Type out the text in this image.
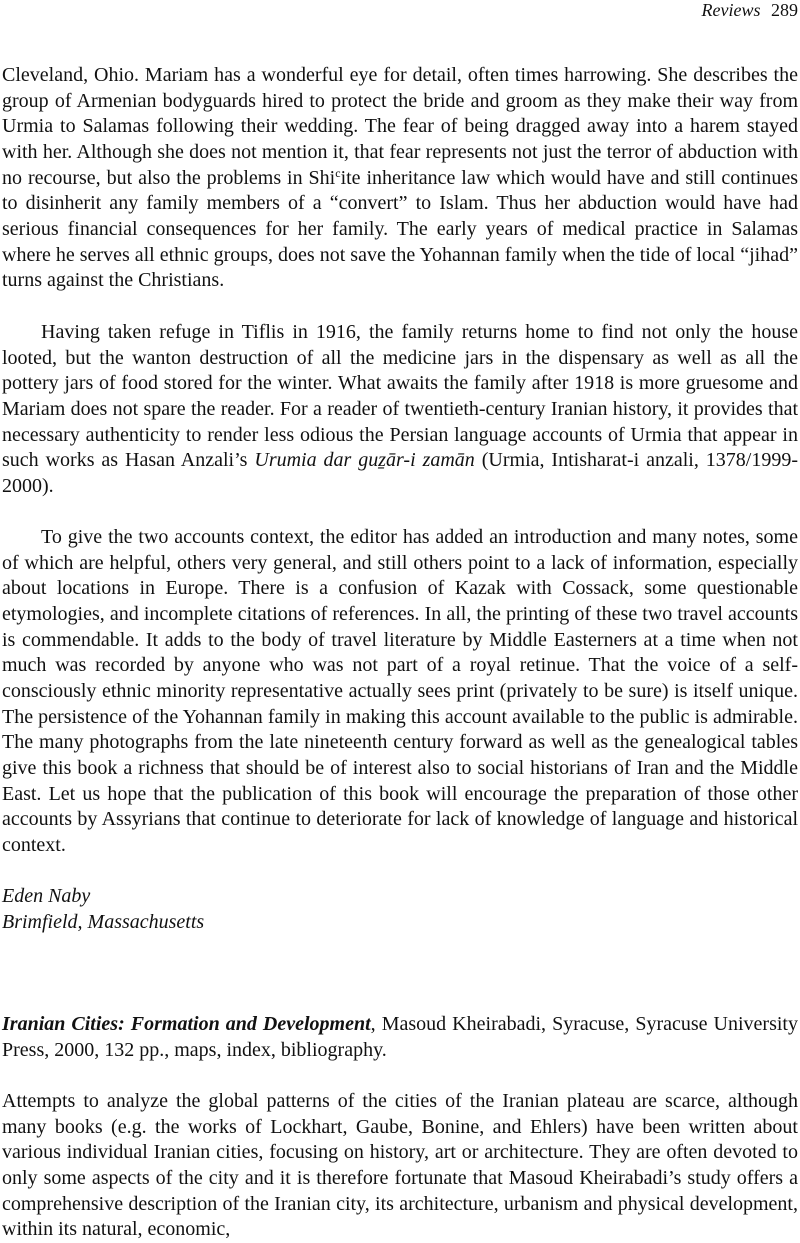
Reviews 289

Cleveland, Ohio. Mariam has a wonderful eye for detail, often times harrowing. She describes the group of Armenian bodyguards hired to protect the bride and groom as they make their way from Urmia to Salamas following their wedding. The fear of being dragged away into a harem stayed with her. Although she does not mention it, that fear represents not just the terror of abduction with no recourse, but also the problems in Shi$^c$ite inheritance law which would have and still continues to disinherit any family members of a “convert” to Islam. Thus her abduction would have had serious financial consequences for her family. The early years of medical practice in Salamas where he serves all ethnic groups, does not save the Yohannan family when the tide of local “jihad” turns against the Christians.

Having taken refuge in Tiflis in 1916, the family returns home to find not only the house looted, but the wanton destruction of all the medicine jars in the dispensary as well as all the pottery jars of food stored for the winter. What awaits the family after 1918 is more gruesome and Mariam does not spare the reader. For a reader of twentieth-century Iranian history, it provides that necessary authenticity to render less odious the Persian language accounts of Urmia that appear in such works as Hasan Anzali’s Urumia dar guẕār-i zamān (Urmia, Intisharat-i anzali, 1378/1999-2000).

To give the two accounts context, the editor has added an introduction and many notes, some of which are helpful, others very general, and still others point to a lack of information, especially about locations in Europe. There is a confusion of Kazak with Cossack, some questionable etymologies, and incomplete citations of references. In all, the printing of these two travel accounts is commendable. It adds to the body of travel literature by Middle Easterners at a time when not much was recorded by anyone who was not part of a royal retinue. That the voice of a self-consciously ethnic minority representative actually sees print (privately to be sure) is itself unique. The persistence of the Yohannan family in making this account available to the public is admirable. The many photographs from the late nineteenth century forward as well as the genealogical tables give this book a richness that should be of interest also to social historians of Iran and the Middle East. Let us hope that the publication of this book will encourage the preparation of those other accounts by Assyrians that continue to deteriorate for lack of knowledge of language and historical context.

Eden Naby

Brimfield, Massachusetts

Iranian Cities: Formation and Development, Masoud Kheirabadi, Syracuse, Syracuse University Press, 2000, 132 pp., maps, index, bibliography.

Attempts to analyze the global patterns of the cities of the Iranian plateau are scarce, although many books (e.g. the works of Lockhart, Gaube, Bonine, and Ehlers) have been written about various individual Iranian cities, focusing on history, art or architecture. They are often devoted to only some aspects of the city and it is therefore fortunate that Masoud Kheirabadi’s study offers a comprehensive description of the Iranian city, its architecture, urbanism and physical development, within its natural, economic,
